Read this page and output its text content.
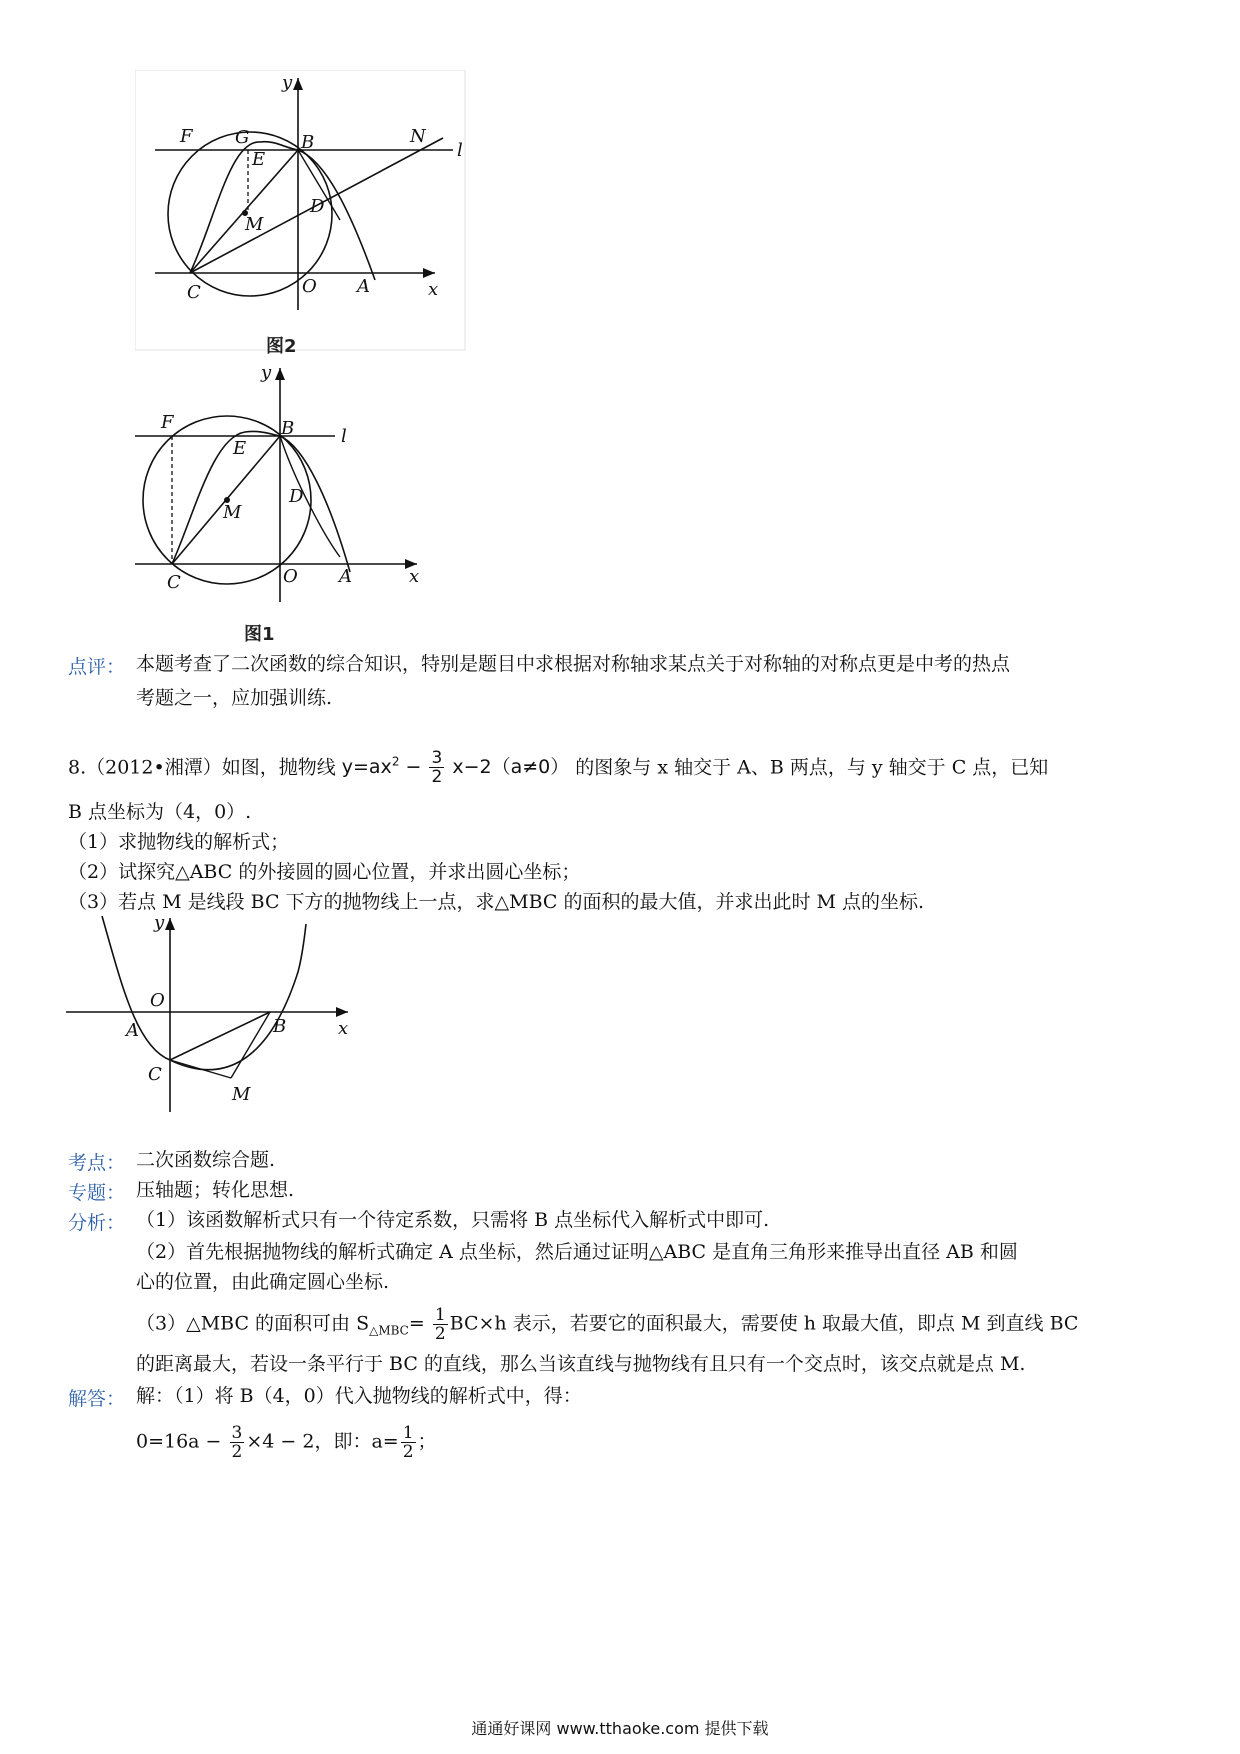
y
F G	B	N
l
E
M
D
C	O A	x
图2
y
F	B	l
E
M
D
C	O A	x
图1
点评： 本题考查了二次函数的综合知识，特别是题目中求根据对称轴求某点关于对称轴的对称点更是中考的热点
考题之一，应加强训练.
8.（2012•湘潭）如图，抛物线 $y=ax^2 - \frac{3}{2} x-2(a\ne 0)$ 的图象与 x 轴交于 A、B 两点，与 y 轴交于 C 点，已知
B 点坐标为（4，0）.
（1）求抛物线的解析式；
（2）试探究△ABC 的外接圆的圆心位置，并求出圆心坐标；
（3）若点 M 是线段 BC 下方的抛物线上一点，求△MBC 的面积的最大值，并求出此时 M 点的坐标.
y
O
A	B	x
C
M
考点： 二次函数综合题.
专题： 压轴题；转化思想.
分析： （1）该函数解析式只有一个待定系数，只需将 B 点坐标代入解析式中即可.
（2）首先根据抛物线的解析式确定 A 点坐标，然后通过证明△ABC 是直角三角形来推导出直径 AB 和圆
心的位置，由此确定圆心坐标.
（3）△MBC 的面积可由 $S_{\triangle MBC}= \frac{1}{2} BC\times h$ 表示，若要它的面积最大，需要使 h 取最大值，即点 M 到直线 BC
的距离最大，若设一条平行于 BC 的直线，那么当该直线与抛物线有且只有一个交点时，该交点就是点 M.
解答： 解：（1）将 B（4，0）代入抛物线的解析式中，得：
$0=16a - \frac{3}{2} \times 4 - 2$，即：$a= \frac{1}{2}$ ；
通通好课网 www.tthaoke.com 提供下载
